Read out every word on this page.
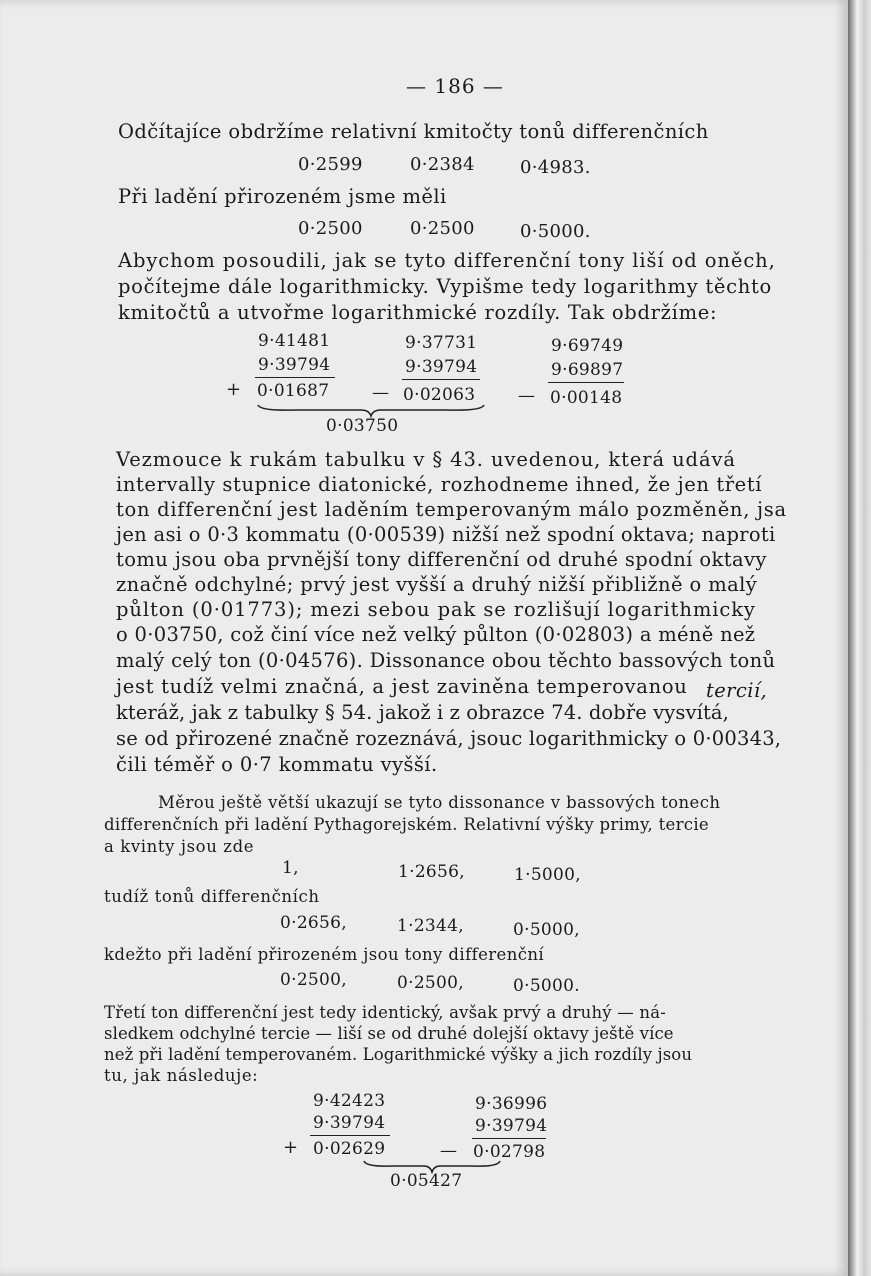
— 186 —
Odčítajíce obdržíme relativní kmitočty tonů differenčních
0·2599	0·2384	0·4983.
Při ladění přirozeném jsme měli
0·2500	0·2500	0·5000.
Abychom posoudili, jak se tyto differenční tony liší od oněch,
počítejme dále logarithmicky. Vypišme tedy logarithmy těchto
kmitočtů a utvořme logarithmické rozdíly. Tak obdržíme:
9·41481	9·37731	9·69749
9·39794	9·39794	9·69897
+ 0·01687	— 0·02063	— 0·00148
0·03750
Vezmouce k rukám tabulku v § 43. uvedenou, která udává
intervally stupnice diatonické, rozhodneme ihned, že jen třetí
ton differenční jest laděním temperovaným málo pozměněn, jsa
jen asi o 0·3 kommatu (0·00539) nižší než spodní oktava; naproti
tomu jsou oba prvnější tony differenční od druhé spodní oktavy
značně odchylné; prvý jest vyšší a druhý nižší přibližně o malý
půlton (0·01773); mezi sebou pak se rozlišují logarithmicky
o 0·03750, což činí více než velký půlton (0·02803) a méně než
malý celý ton (0·04576). Dissonance obou těchto bassových tonů
jest tudíž velmi značná, a jest zaviněna temperovanou tercií,
kteráž, jak z tabulky § 54. jakož i z obrazce 74. dobře vysvítá,
se od přirozené značně rozeznává, jsouc logarithmicky o 0·00343,
čili téměř o 0·7 kommatu vyšší.
Měrou ještě větší ukazují se tyto dissonance v bassových tonech
differenčních při ladění Pythagorejském. Relativní výšky primy, tercie
a kvinty jsou zde
1,	1·2656,	1·5000,
tudíž tonů differenčních
0·2656,	1·2344,	0·5000,
kdežto při ladění přirozeném jsou tony differenční
0·2500,	0·2500,	0·5000.
Třetí ton differenční jest tedy identický, avšak prvý a druhý — ná-
sledkem odchylné tercie — liší se od druhé dolejší oktavy ještě více
než při ladění temperovaném. Logarithmické výšky a jich rozdíly jsou
tu, jak následuje:
9·42423	9·36996
9·39794	9·39794
+ 0·02629	— 0·02798
0·05427
